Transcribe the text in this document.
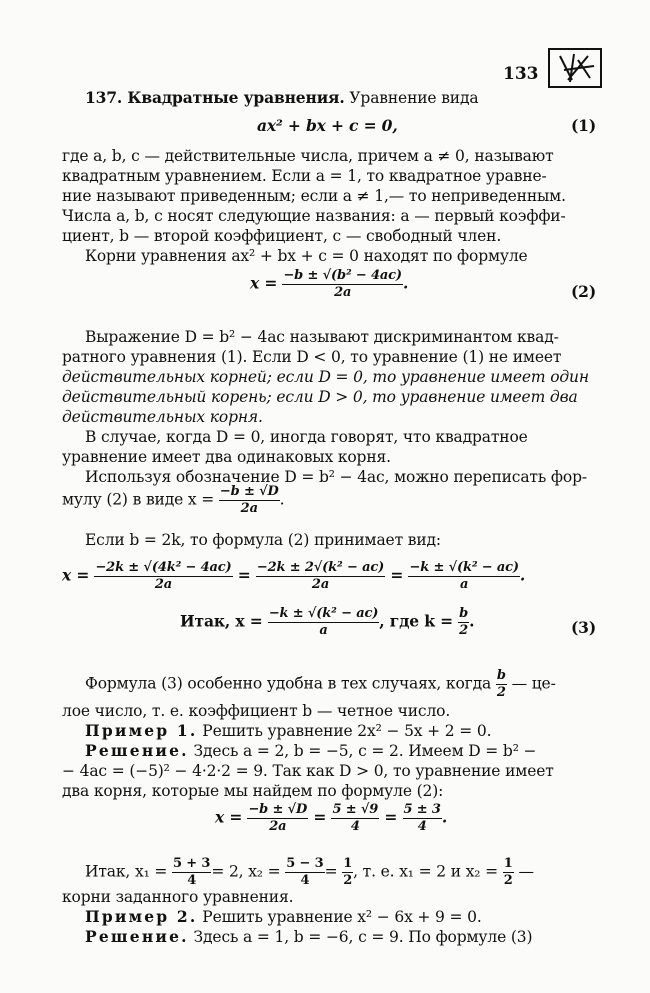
133
137. Квадратные уравнения. Уравнение вида
ax² + bx + c = 0,	(1)
где a, b, c — действительные числа, причем a ≠ 0, называют
квадратным уравнением. Если a = 1, то квадратное уравне-
ние называют приведенным; если a ≠ 1,— то неприведенным.
Числа a, b, c носят следующие названия: a — первый коэффи-
циент, b — второй коэффициент, c — свободный член.
Корни уравнения ax² + bx + c = 0 находят по формуле
$x = \frac{\text{−b ± √(b² − 4ac)}}{2a}$ .	(2)
Выражение D = b² − 4ac называют дискриминантом квад-
ратного уравнения (1). Если D < 0, то уравнение (1) не имеет
действительных корней; если D = 0, то уравнение имеет один
действительный корень; если D > 0, то уравнение имеет два
действительных корня.
В случае, когда D = 0, иногда говорят, что квадратное
уравнение имеет два одинаковых корня.
Используя обозначение D = b² − 4ac, можно переписать фор-
мулу (2) в виде $x = \frac{-b \pm √D}{2a}$ .
Если b = 2k, то формула (2) принимает вид:
$x = \frac{\text{−2k ± √(4k² − 4ac)}}{2a} = \frac{\text{−2k ± 2√(k² − ac)}}{2a} = \frac{\text{−k ± √(k² − ac)}}{a}$ .
Итак, $x = \frac{\text{−k ± √(k² − ac)}}{a}$ , где $k = \frac{b}{2}$ .	(3)
Формула (3) особенно удобна в тех случаях, когда $\frac{b}{2}$ — це-
лое число, т. е. коэффициент b — четное число.
Пример 1. Решить уравнение 2x² − 5x + 2 = 0.
Решение. Здесь a = 2, b = −5, c = 2. Имеем D = b² −
− 4ac = (−5)² − 4·2·2 = 9. Так как D > 0, то уравнение имеет
два корня, которые мы найдем по формуле (2):
$x = \frac{-b \pm √D}{2a} = \frac{5 \pm √9}{4} = \frac{5 \pm 3}{4}$ .
Итак, $x_1 = \frac{5 + 3}{4} = 2$, $x_2 = \frac{5 - 3}{4} = \frac{1}{2}$ , т. е. x₁ = 2 и $x_2 = \frac{1}{2}$ —
корни заданного уравнения.
Пример 2. Решить уравнение x² − 6x + 9 = 0.
Решение. Здесь a = 1, b = −6, c = 9. По формуле (3)
